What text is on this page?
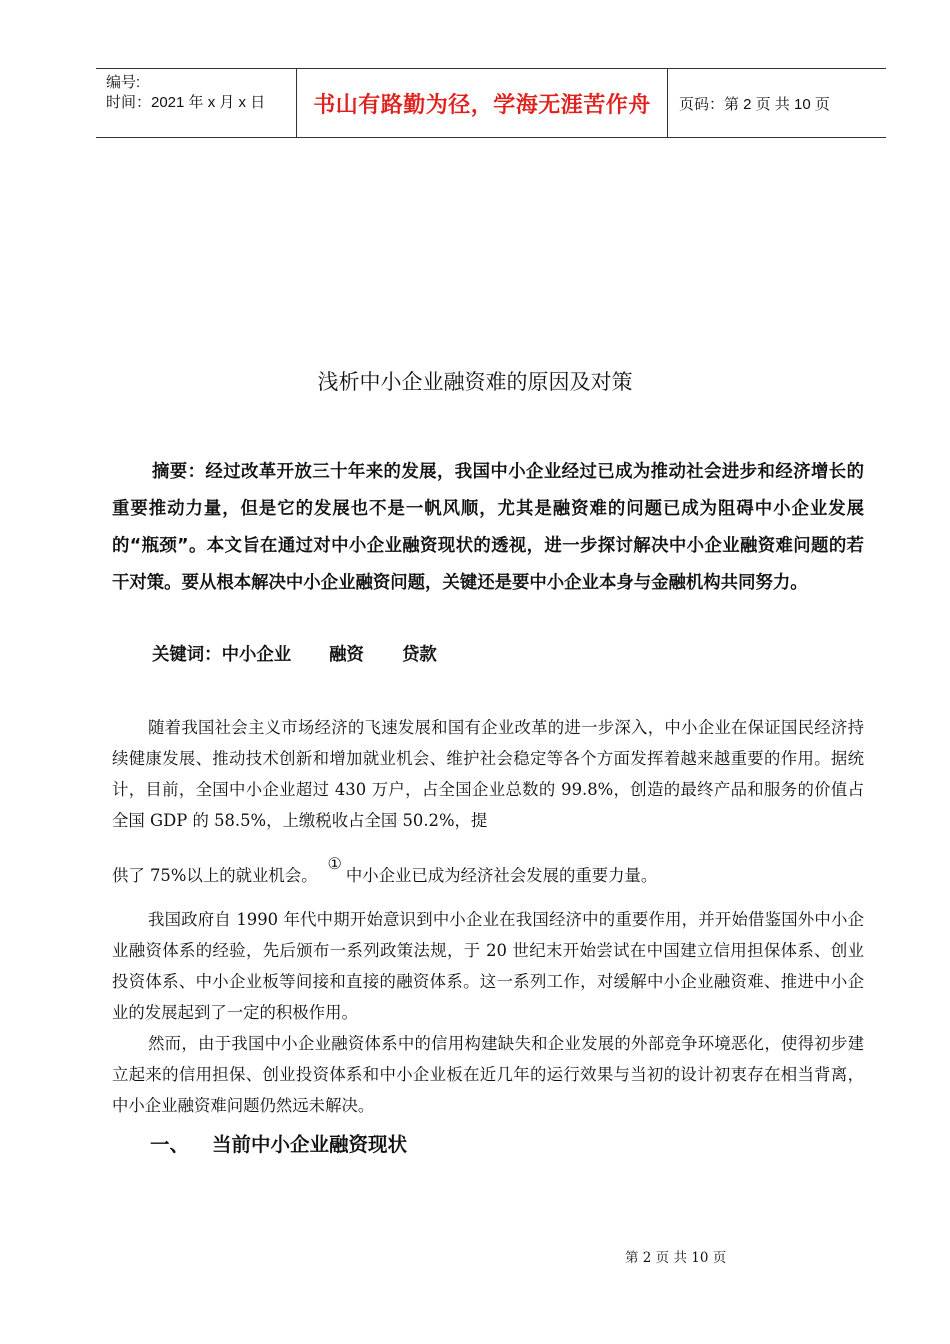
编号:
时间：2021 年 x 月 x 日 书山有路勤为径，学海无涯苦作舟 页码：第 2 页 共 10 页
浅析中小企业融资难的原因及对策

摘要：经过改革开放三十年来的发展，我国中小企业经过已成为推动社会进步和经济增长的重要推动力量，但是它的发展也不是一帆风顺，尤其是融资难的问题已成为阻碍中小企业发展的“瓶颈”。本文旨在通过对中小企业融资现状的透视，进一步探讨解决中小企业融资难问题的若干对策。要从根本解决中小企业融资问题，关键还是要中小企业本身与金融机构共同努力。

关键词：中小企业 融资 贷款

随着我国社会主义市场经济的飞速发展和国有企业改革的进一步深入，中小企业在保证国民经济持续健康发展、推动技术创新和增加就业机会、维护社会稳定等各个方面发挥着越来越重要的作用。据统计，目前，全国中小企业超过 430 万户，占全国企业总数的 99.8%，创造的最终产品和服务的价值占全国 GDP 的 58.5%，上缴税收占全国 50.2%，提

供了 75%以上的就业机会。①中小企业已成为经济社会发展的重要力量。

我国政府自 1990 年代中期开始意识到中小企业在我国经济中的重要作用，并开始借鉴国外中小企业融资体系的经验，先后颁布一系列政策法规，于 20 世纪末开始尝试在中国建立信用担保体系、创业投资体系、中小企业板等间接和直接的融资体系。这一系列工作，对缓解中小企业融资难、推进中小企业的发展起到了一定的积极作用。

然而，由于我国中小企业融资体系中的信用构建缺失和企业发展的外部竞争环境恶化，使得初步建立起来的信用担保、创业投资体系和中小企业板在近几年的运行效果与当初的设计初衷存在相当背离，中小企业融资难问题仍然远未解决。

一、 当前中小企业融资现状
第 2 页 共 10 页
